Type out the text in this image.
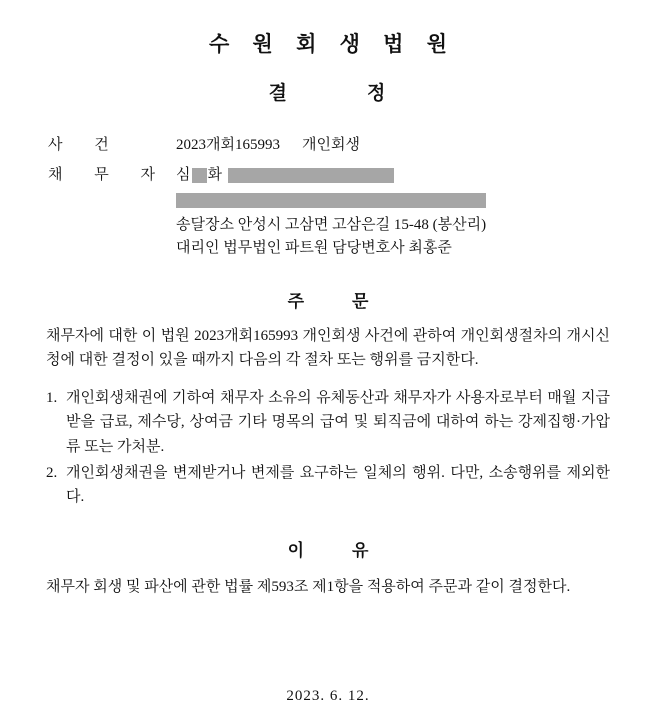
수 원 회 생 법 원
결	정
사 건	2023개회165993 개인회생
채 무 자 심 화
송달장소 안성시 고삼면 고삼은길 15-48 (봉산리)
대리인 법무법인 파트원 담당변호사 최홍준
주	문
채무자에 대한 이 법원 2023개회165993 개인회생 사건에 관하여 개인회생절차의 개시신청에 대한 결정이 있을 때까지 다음의 각 절차 또는 행위를 금지한다.
1. 개인회생채권에 기하여 채무자 소유의 유체동산과 채무자가 사용자로부터 매월 지급받을 급료, 제수당, 상여금 기타 명목의 급여 및 퇴직금에 대하여 하는 강제집행·가압류 또는 가처분.
2. 개인회생채권을 변제받거나 변제를 요구하는 일체의 행위. 다만, 소송행위를 제외한다.
이	유
채무자 회생 및 파산에 관한 법률 제593조 제1항을 적용하여 주문과 같이 결정한다.
2023. 6. 12.
